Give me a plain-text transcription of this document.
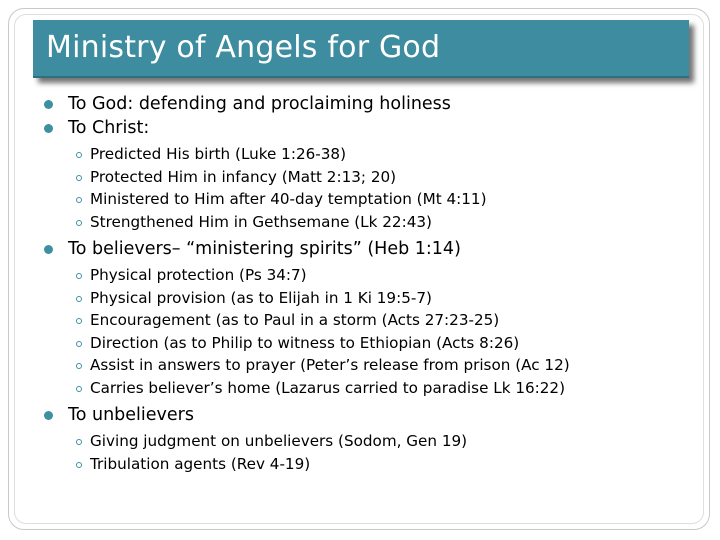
Ministry of Angels for God
To God: defending and proclaiming holiness
To Christ:
Predicted His birth (Luke 1:26-38)
Protected Him in infancy (Matt 2:13; 20)
Ministered to Him after 40-day temptation (Mt 4:11)
Strengthened Him in Gethsemane (Lk 22:43)
To believers– “ministering spirits” (Heb 1:14)
Physical protection (Ps 34:7)
Physical provision (as to Elijah in 1 Ki 19:5-7)
Encouragement (as to Paul in a storm (Acts 27:23-25)
Direction (as to Philip to witness to Ethiopian (Acts 8:26)
Assist in answers to prayer (Peter’s release from prison (Ac 12)
Carries believer’s home (Lazarus carried to paradise Lk 16:22)
To unbelievers
Giving judgment on unbelievers (Sodom, Gen 19)
Tribulation agents (Rev 4-19)
